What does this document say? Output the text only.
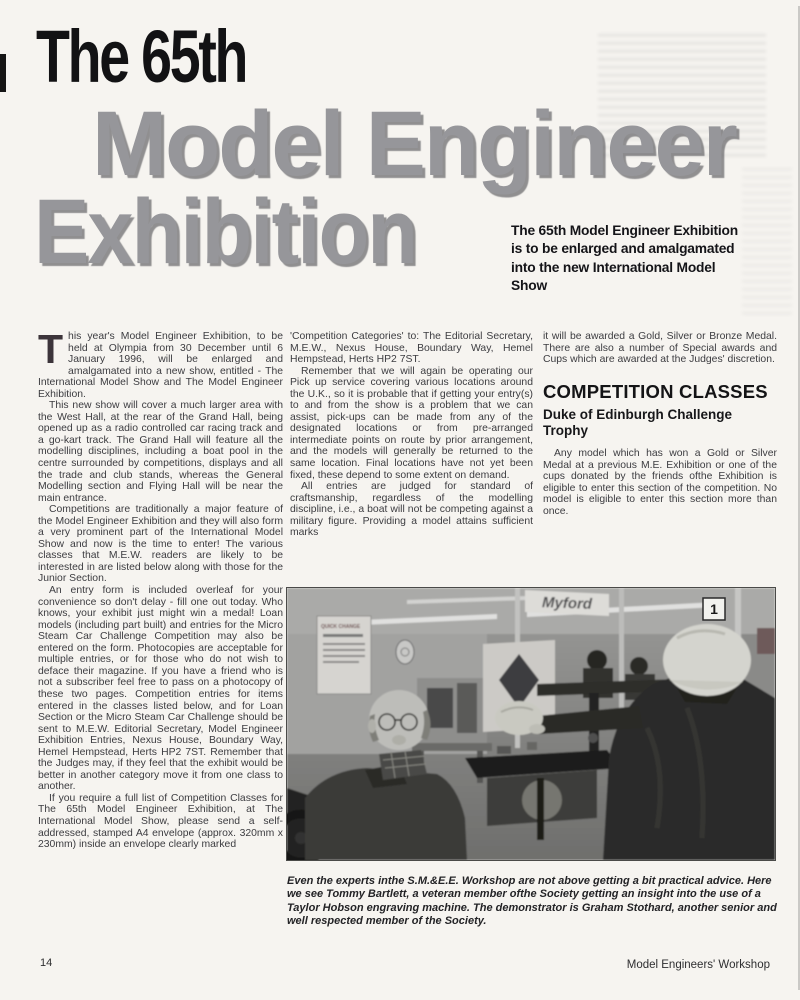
The 65th
Model Engineer
Exhibition	The 65th Model Engineer Exhibition is to be enlarged and amalgamated into the new International Model Show

This year's Model Engineer Exhibition, to be held at Olympia from 30 December until 6 January 1996, will be enlarged and amalgamated into a new show, entitled - The International Model Show and The Model Engineer Exhibition.

This new show will cover a much larger area with the West Hall, at the rear of the Grand Hall, being opened up as a radio controlled car racing track and a go-kart track. The Grand Hall will feature all the modelling disciplines, including a boat pool in the centre surrounded by competitions, displays and all the trade and club stands, whereas the General Modelling section and Flying Hall will be near the main entrance.

Competitions are traditionally a major feature of the Model Engineer Exhibition and they will also form a very prominent part of the International Model Show and now is the time to enter! The various classes that M.E.W. readers are likely to be interested in are listed below along with those for the Junior Section.

An entry form is included overleaf for your convenience so don't delay - fill one out today. Who knows, your exhibit just might win a medal! Loan models (including part built) and entries for the Micro Steam Car Challenge Competition may also be entered on the form. Photocopies are acceptable for multiple entries, or for those who do not wish to deface their magazine. If you have a friend who is not a subscriber feel free to pass on a photocopy of these two pages. Competition entries for items entered in the classes listed below, and for Loan Section or the Micro Steam Car Challenge should be sent to M.E.W. Editorial Secretary, Model Engineer Exhibition Entries, Nexus House, Boundary Way, Hemel Hempstead, Herts HP2 7ST. Remember that the Judges may, if they feel that the exhibit would be better in another category move it from one class to another.

If you require a full list of Competition Classes for The 65th Model Engineer Exhibition, at The International Model Show, please send a self-addressed, stamped A4 envelope (approx. 320mm x 230mm) inside an envelope clearly marked

'Competition Categories' to: The Editorial Secretary, M.E.W., Nexus House, Boundary Way, Hemel Hempstead, Herts HP2 7ST.

Remember that we will again be operating our Pick up service covering various locations around the U.K., so it is probable that if getting your entry(s) to and from the show is a problem that we can assist, pick-ups can be made from any of the designated locations or from pre-arranged intermediate points on route by prior arrangement, and the models will generally be returned to the same location. Final locations have not yet been fixed, these depend to some extent on demand.

All entries are judged for standard of craftsmanship, regardless of the modelling discipline, i.e., a boat will not be competing against a military figure. Providing a model attains sufficient marks

it will be awarded a Gold, Silver or Bronze Medal. There are also a number of Special awards and Cups which are awarded at the Judges' discretion.

COMPETITION CLASSES
Duke of Edinburgh Challenge Trophy

Any model which has won a Gold or Silver Medal at a previous M.E. Exhibition or one of the cups donated by the friends ofthe Exhibition is eligible to enter this section of the competition. No model is eligible to enter this section more than once.

QUICK CHANGE
Myford	1

Even the experts inthe S.M.&E.E. Workshop are not above getting a bit practical advice. Here we see Tommy Bartlett, a veteran member ofthe Society getting an insight into the use of a Taylor Hobson engraving machine. The demonstrator is Graham Stothard, another senior and well respected member of the Society.

14	Model Engineers' Workshop
